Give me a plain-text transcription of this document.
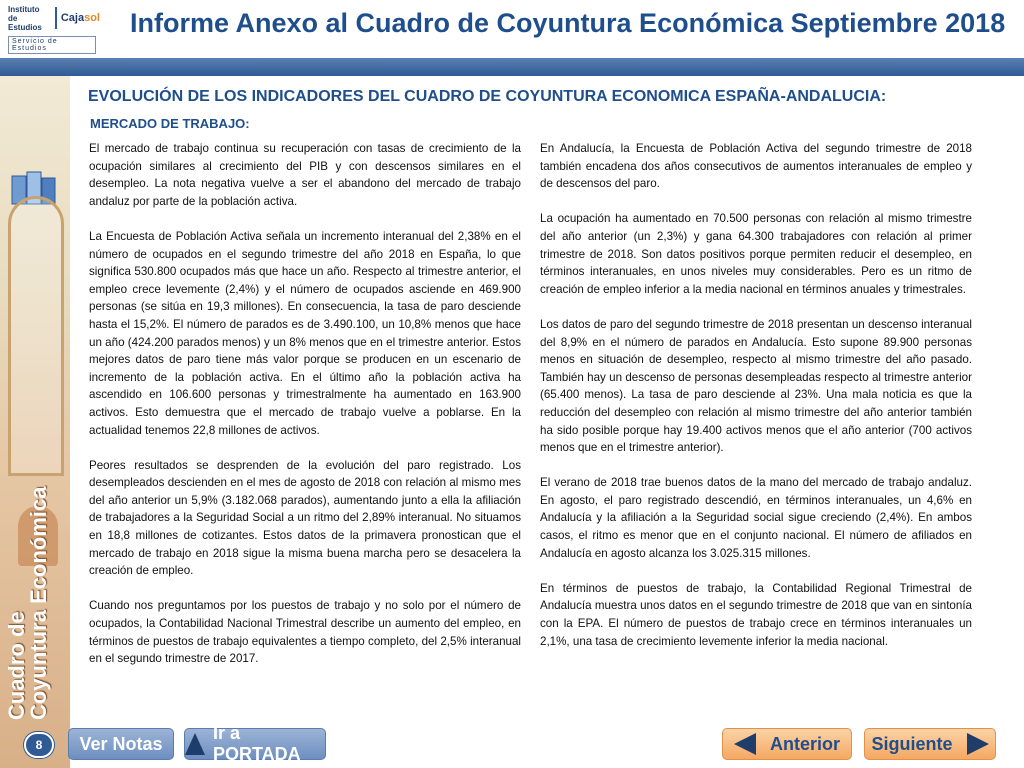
Instituto
de Estudios
Cajasol
Servicio de Estudios
Informe Anexo al Cuadro de Coyuntura Económica Septiembre 2018
Cuadro de
Coyuntura Económica
EVOLUCIÓN DE LOS INDICADORES DEL CUADRO DE COYUNTURA ECONOMICA ESPAÑA-ANDALUCIA:
MERCADO DE TRABAJO:

El mercado de trabajo continua su recuperación con tasas de crecimiento de la ocupación similares al crecimiento del PIB y con descensos similares en el desempleo. La nota negativa vuelve a ser el abandono del mercado de trabajo andaluz por parte de la población activa.

La Encuesta de Población Activa señala un incremento interanual del 2,38% en el número de ocupados en el segundo trimestre del año 2018 en España, lo que significa 530.800 ocupados más que hace un año. Respecto al trimestre anterior, el empleo crece levemente (2,4%) y el número de ocupados asciende en 469.900 personas (se sitúa en 19,3 millones). En consecuencia, la tasa de paro desciende hasta el 15,2%. El número de parados es de 3.490.100, un 10,8% menos que hace un año (424.200 parados menos) y un 8% menos que en el trimestre anterior. Estos mejores datos de paro tiene más valor porque se producen en un escenario de incremento de la población activa. En el último año la población activa ha ascendido en 106.600 personas y trimestralmente ha aumentado en 163.900 activos. Esto demuestra que el mercado de trabajo vuelve a poblarse. En la actualidad tenemos 22,8 millones de activos.

Peores resultados se desprenden de la evolución del paro registrado. Los desempleados descienden en el mes de agosto de 2018 con relación al mismo mes del año anterior un 5,9% (3.182.068 parados), aumentando junto a ella la afiliación de trabajadores a la Seguridad Social a un ritmo del 2,89% interanual. No situamos en 18,8 millones de cotizantes. Estos datos de la primavera pronostican que el mercado de trabajo en 2018 sigue la misma buena marcha pero se desacelera la creación de empleo.

Cuando nos preguntamos por los puestos de trabajo y no solo por el número de ocupados, la Contabilidad Nacional Trimestral describe un aumento del empleo, en términos de puestos de trabajo equivalentes a tiempo completo, del 2,5% interanual en el segundo trimestre de 2017.

En Andalucía, la Encuesta de Población Activa del segundo trimestre de 2018 también encadena dos años consecutivos de aumentos interanuales de empleo y de descensos del paro.

La ocupación ha aumentado en 70.500 personas con relación al mismo trimestre del año anterior (un 2,3%) y gana 64.300 trabajadores con relación al primer trimestre de 2018. Son datos positivos porque permiten reducir el desempleo, en términos interanuales, en unos niveles muy considerables. Pero es un ritmo de creación de empleo inferior a la media nacional en términos anuales y trimestrales.

Los datos de paro del segundo trimestre de 2018 presentan un descenso interanual del 8,9% en el número de parados en Andalucía. Esto supone 89.900 personas menos en situación de desempleo, respecto al mismo trimestre del año pasado. También hay un descenso de personas desempleadas respecto al trimestre anterior (65.400 menos). La tasa de paro desciende al 23%. Una mala noticia es que la reducción del desempleo con relación al mismo trimestre del año anterior también ha sido posible porque hay 19.400 activos menos que el año anterior (700 activos menos que en el trimestre anterior).

El verano de 2018 trae buenos datos de la mano del mercado de trabajo andaluz. En agosto, el paro registrado descendió, en términos interanuales, un 4,6% en Andalucía y la afiliación a la Seguridad social sigue creciendo (2,4%). En ambos casos, el ritmo es menor que en el conjunto nacional. El número de afiliados en Andalucía en agosto alcanza los 3.025.315 millones.

En términos de puestos de trabajo, la Contabilidad Regional Trimestral de Andalucía muestra unos datos en el segundo trimestre de 2018 que van en sintonía con la EPA. El número de puestos de trabajo crece en términos interanuales un 2,1%, una tasa de crecimiento levemente inferior la media nacional.

8	Ver Notas
Ir a PORTADA
Anterior Siguiente
